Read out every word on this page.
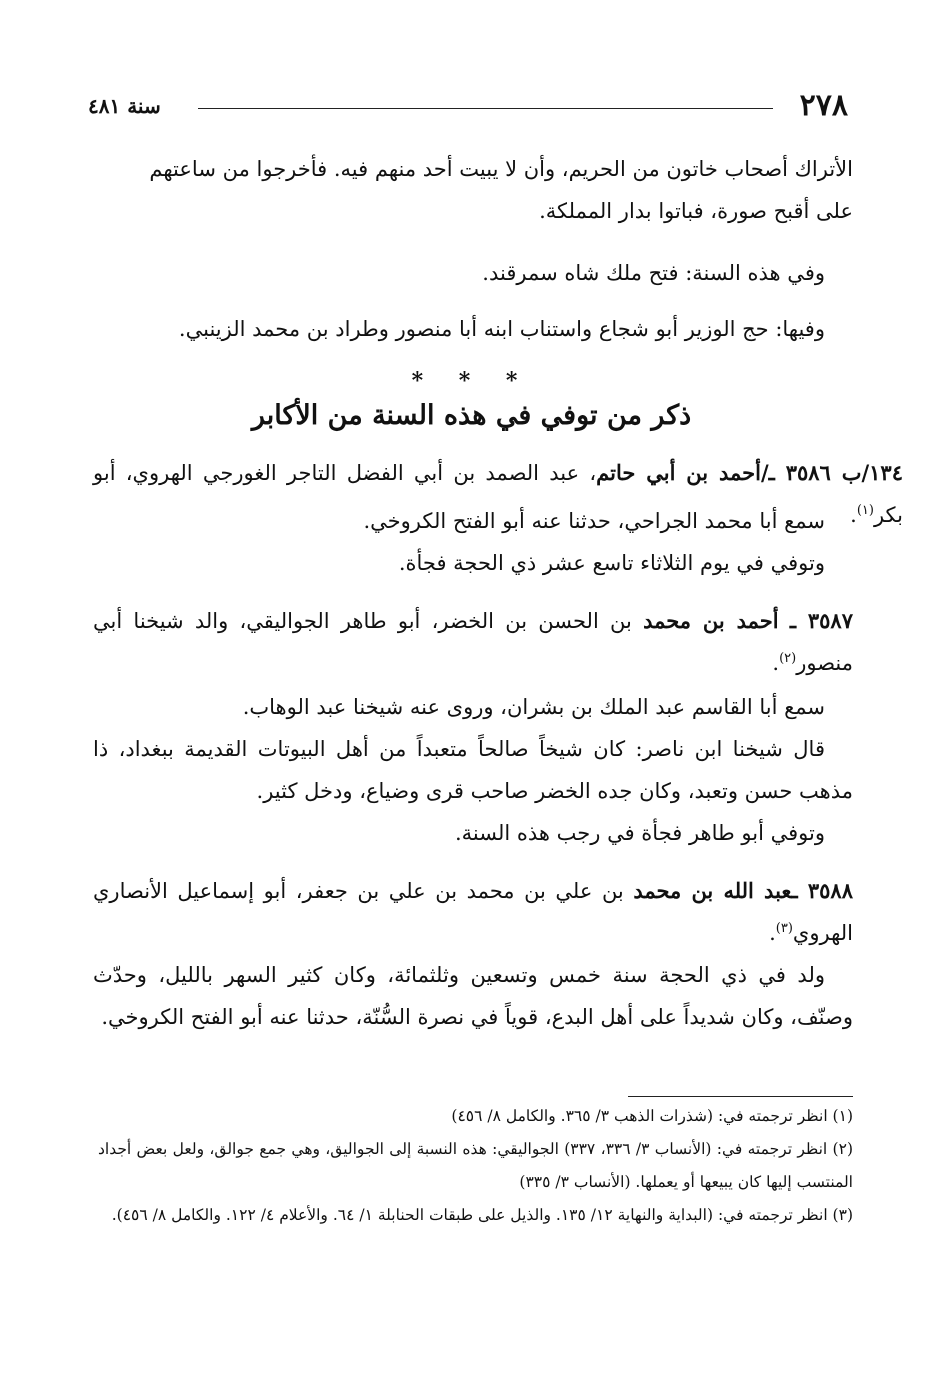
٢٧٨
سنة ٤٨١
الأتراك أصحاب خاتون من الحريم، وأن لا يبيت أحد منهم فيه. فأخرجوا من ساعتهم
على أقبح صورة، فباتوا بدار المملكة.
وفي هذه السنة: فتح ملك شاه سمرقند.
وفيها: حج الوزير أبو شجاع واستناب ابنه أبا منصور وطراد بن محمد الزينبي.
* * *
ذكر من توفي في هذه السنة من الأكابر
١٣٤/ب ٣٥٨٦ ـ/أحمد بن أبي حاتم، عبد الصمد بن أبي الفضل التاجر الغورجي الهروي، أبو بكر$^{(١)}$.
سمع أبا محمد الجراحي، حدثنا عنه أبو الفتح الكروخي.
وتوفي في يوم الثلاثاء تاسع عشر ذي الحجة فجأة.
٣٥٨٧ ـ أحمد بن محمد بن الحسن بن الخضر، أبو طاهر الجواليقي، والد شيخنا أبي منصور$^{(٢)}$.
سمع أبا القاسم عبد الملك بن بشران، وروى عنه شيخنا عبد الوهاب.
قال شيخنا ابن ناصر: كان شيخاً صالحاً متعبداً من أهل البيوتات القديمة ببغداد، ذا مذهب حسن وتعبد، وكان جده الخضر صاحب قرى وضياع، ودخل كثير.
وتوفي أبو طاهر فجأة في رجب هذه السنة.
٣٥٨٨ ـعبد الله بن محمد بن علي بن محمد بن علي بن جعفر، أبو إسماعيل الأنصاري الهروي$^{(٣)}$.
ولد في ذي الحجة سنة خمس وتسعين وثلثمائة، وكان كثير السهر بالليل، وحدّث وصنّف، وكان شديداً على أهل البدع، قوياً في نصرة السُّنّة، حدثنا عنه أبو الفتح الكروخي.

(١) انظر ترجمته في: (شذرات الذهب ٣/ ٣٦٥. والكامل ٨/ ٤٥٦)

(٢) انظر ترجمته في: (الأنساب ٣/ ٣٣٦، ٣٣٧) الجواليقي: هذه النسبة إلى الجواليق، وهي جمع جوالق، ولعل بعض أجداد المنتسب إليها كان يبيعها أو يعملها. (الأنساب ٣/ ٣٣٥)

(٣) انظر ترجمته في: (البداية والنهاية ١٢/ ١٣٥. والذيل على طبقات الحنابلة ١/ ٦٤. والأعلام ٤/ ١٢٢. والكامل ٨/ ٤٥٦).
